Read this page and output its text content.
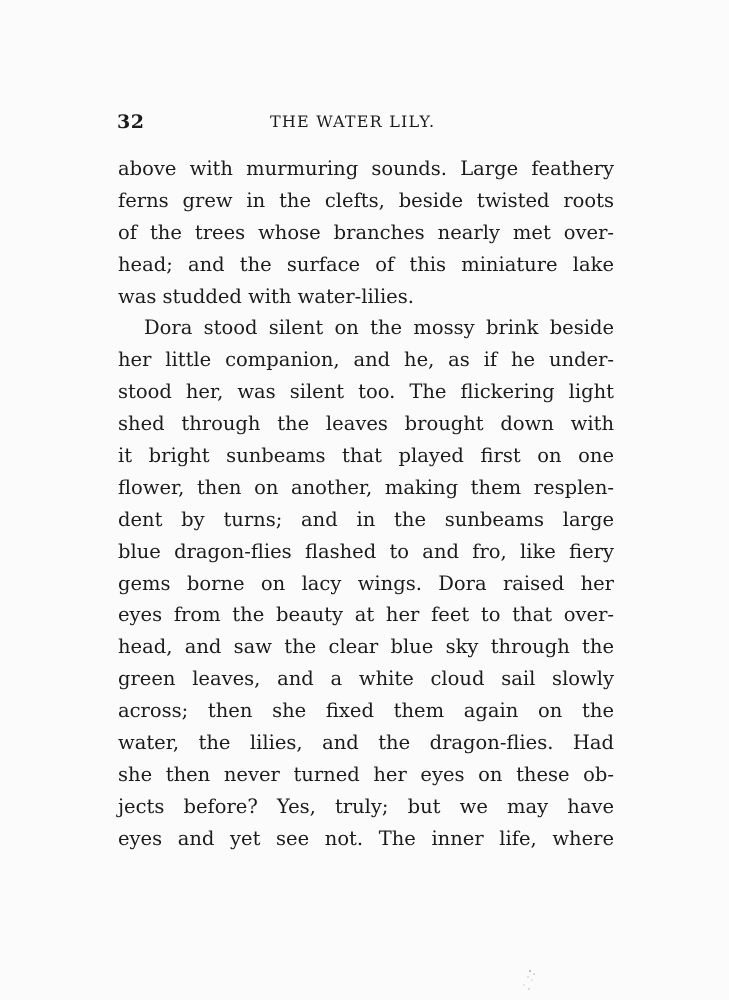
32	THE WATER LILY.
above with murmuring sounds. Large feathery
ferns grew in the clefts, beside twisted roots
of the trees whose branches nearly met over-
head; and the surface of this miniature lake
was studded with water-lilies.
Dora stood silent on the mossy brink beside
her little companion, and he, as if he under-
stood her, was silent too. The flickering light
shed through the leaves brought down with
it bright sunbeams that played first on one
flower, then on another, making them resplen-
dent by turns; and in the sunbeams large
blue dragon-flies flashed to and fro, like fiery
gems borne on lacy wings. Dora raised her
eyes from the beauty at her feet to that over-
head, and saw the clear blue sky through the
green leaves, and a white cloud sail slowly
across; then she fixed them again on the
water, the lilies, and the dragon-flies. Had
she then never turned her eyes on these ob-
jects before? Yes, truly; but we may have
eyes and yet see not. The inner life, where
